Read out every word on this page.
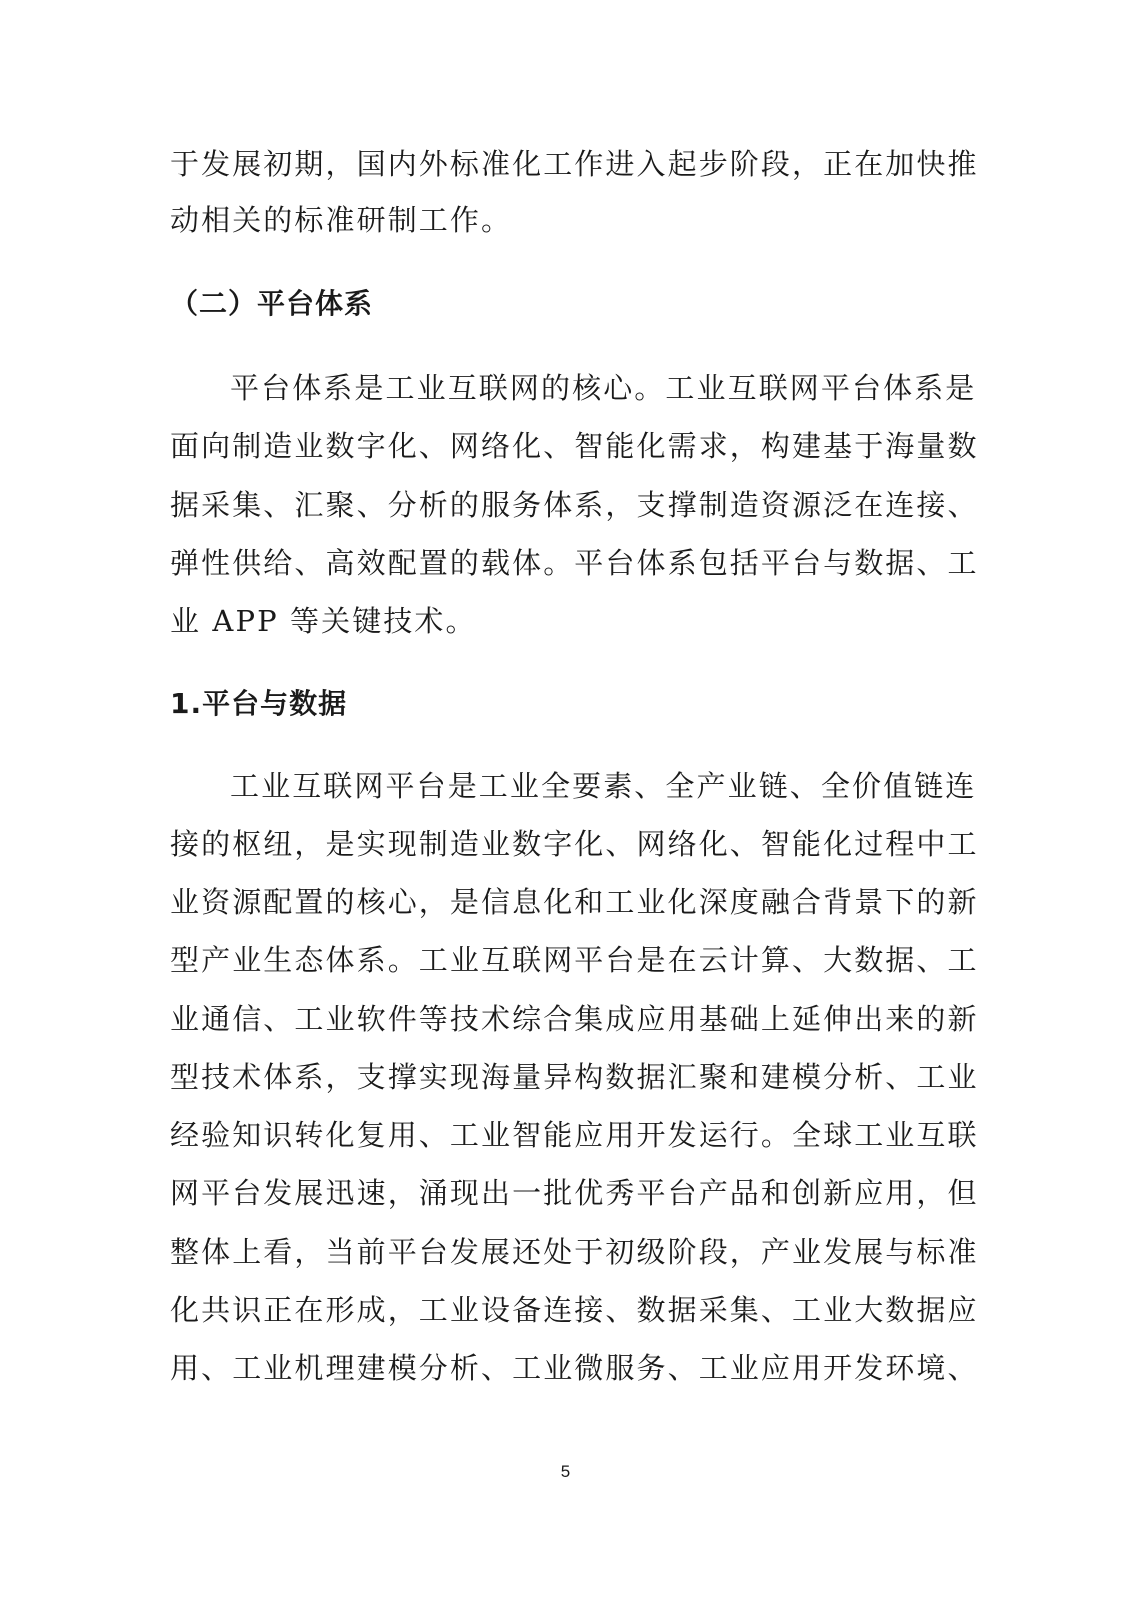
于发展初期，国内外标准化工作进入起步阶段，正在加快推
动相关的标准研制工作。
（二）平台体系
平台体系是工业互联网的核心。工业互联网平台体系是
面向制造业数字化、网络化、智能化需求，构建基于海量数
据采集、汇聚、分析的服务体系，支撑制造资源泛在连接、
弹性供给、高效配置的载体。平台体系包括平台与数据、工
业 APP 等关键技术。
1.平台与数据
工业互联网平台是工业全要素、全产业链、全价值链连
接的枢纽，是实现制造业数字化、网络化、智能化过程中工
业资源配置的核心，是信息化和工业化深度融合背景下的新
型产业生态体系。工业互联网平台是在云计算、大数据、工
业通信、工业软件等技术综合集成应用基础上延伸出来的新
型技术体系，支撑实现海量异构数据汇聚和建模分析、工业
经验知识转化复用、工业智能应用开发运行。全球工业互联
网平台发展迅速，涌现出一批优秀平台产品和创新应用，但
整体上看，当前平台发展还处于初级阶段，产业发展与标准
化共识正在形成，工业设备连接、数据采集、工业大数据应
用、工业机理建模分析、工业微服务、工业应用开发环境、
5
